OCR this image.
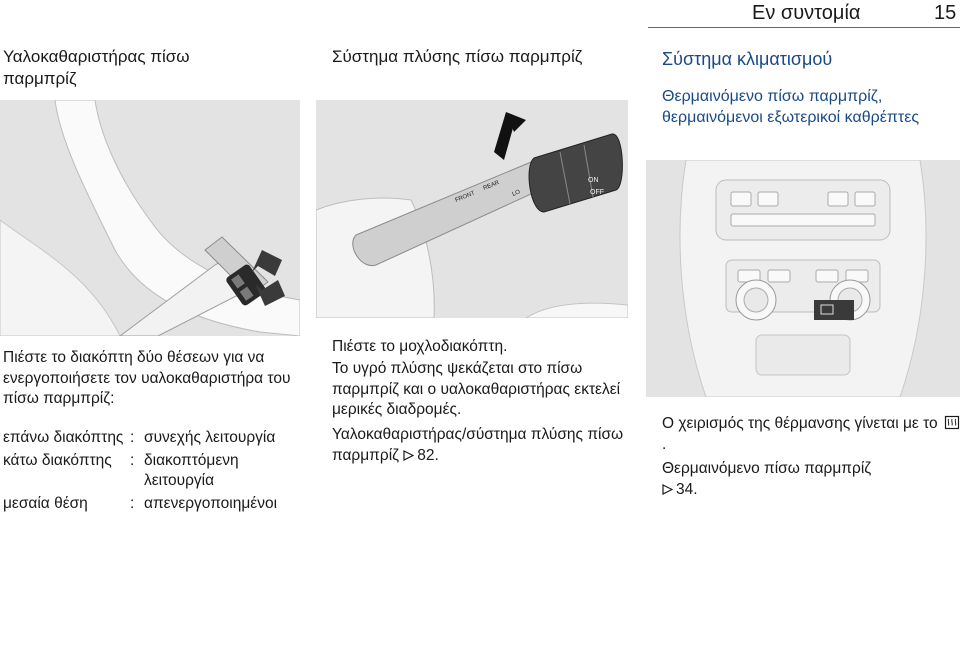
Εν συντομία	15
Υαλοκαθαριστήρας πίσω παρμπρίζ

Πιέστε το διακόπτη δύο θέσεων για να ενεργοποιήσετε τον υαλοκαθαριστήρα του πίσω παρμπρίζ:

επάνω διακόπτης	:	συνεχής λειτουργία
κάτω διακόπτης	:	διακοπτόμενη λειτουργία
μεσαία θέση	:	απενεργοποιημένοι
Σύστημα πλύσης πίσω παρμπρίζ
FRONT
REAR
LO
ON
OFF

Πιέστε το μοχλοδιακόπτη.

Το υγρό πλύσης ψεκάζεται στο πίσω παρμπρίζ και ο υαλοκαθαριστήρας εκτελεί μερικές διαδρομές.

Υαλοκαθαριστήρας/σύστημα πλύσης πίσω παρμπρίζ 82.

Σύστημα κλιματισμού

Θερμαινόμενο πίσω παρμπρίζ, θερμαινόμενοι εξωτερικοί καθρέπτες

Ο χειρισμός της θέρμανσης γίνεται με το .

Θερμαινόμενο πίσω παρμπρίζ
34.
